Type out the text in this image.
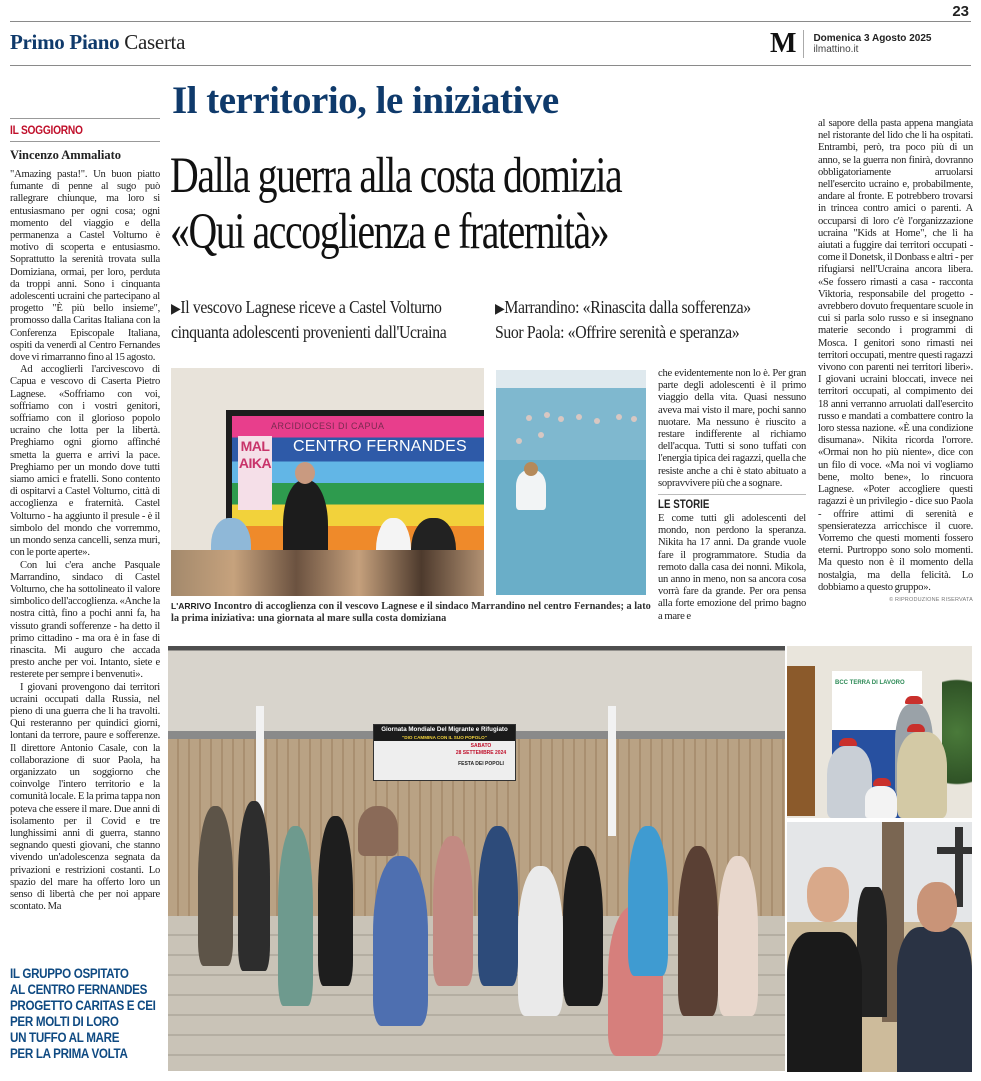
23
Primo Piano Caserta	M	Domenica 3 Agosto 2025
ilmattino.it
Il territorio, le iniziative
IL SOGGIORNO
Vincenzo Ammaliato

"Amazing pasta!". Un buon piatto fumante di penne al sugo può rallegrare chiunque, ma loro si entusiasmano per ogni cosa; ogni momento del viaggio e della permanenza a Castel Volturno è motivo di scoperta e entusiasmo. Soprattutto la serenità trovata sulla Domiziana, ormai, per loro, perduta da troppi anni. Sono i cinquanta adolescenti ucraini che partecipano al progetto "È più bello insieme", promosso dalla Caritas Italiana con la Conferenza Episcopale Italiana, ospiti da venerdì al Centro Fernandes dove vi rimarranno fino al 15 agosto.

Ad accoglierli l'arcivescovo di Capua e vescovo di Caserta Pietro Lagnese. «Soffriamo con voi, soffriamo con i vostri genitori, soffriamo con il glorioso popolo ucraino che lotta per la libertà. Preghiamo ogni giorno affinché smetta la guerra e arrivi la pace. Preghiamo per un mondo dove tutti siamo amici e fratelli. Sono contento di ospitarvi a Castel Volturno, città di accoglienza e fraternità. Castel Volturno - ha aggiunto il presule - è il simbolo del mondo che vorremmo, un mondo senza cancelli, senza muri, con le porte aperte».

Con lui c'era anche Pasquale Marrandino, sindaco di Castel Volturno, che ha sottolineato il valore simbolico dell'accoglienza. «Anche la nostra città, fino a pochi anni fa, ha vissuto grandi sofferenze - ha detto il primo cittadino - ma ora è in fase di rinascita. Mi auguro che accada presto anche per voi. Intanto, siete e resterete per sempre i benvenuti».

I giovani provengono dai territori ucraini occupati dalla Russia, nel pieno di una guerra che li ha travolti. Qui resteranno per quindici giorni, lontani da terrore, paure e sofferenze. Il direttore Antonio Casale, con la collaborazione di suor Paola, ha organizzato un soggiorno che coinvolge l'intero territorio e la comunità locale. E la prima tappa non poteva che essere il mare. Due anni di isolamento per il Covid e tre lunghissimi anni di guerra, stanno segnando questi giovani, che stanno vivendo un'adolescenza segnata da privazioni e restrizioni costanti. Lo spazio del mare ha offerto loro un senso di libertà che per noi appare scontato. Ma

IL GRUPPO OSPITATO
AL CENTRO FERNANDES
PROGETTO CARITAS E CEI
PER MOLTI DI LORO
UN TUFFO AL MARE
PER LA PRIMA VOLTA
Dalla guerra alla costa domizia
«Qui accoglienza e fraternità»
▶Il vescovo Lagnese riceve a Castel Volturno
cinquanta adolescenti provenienti dall'Ucraina
▶Marrandino: «Rinascita dalla sofferenza»
Suor Paola: «Offrire serenità e speranza»
MALAIKA
ARCIDIOCESI DI CAPUA
CENTRO FERNANDES
L'ARRIVO Incontro di accoglienza con il vescovo Lagnese e il sindaco Marrandino nel centro Fernandes; a lato la prima iniziativa: una giornata al mare sulla costa domiziana

che evidentemente non lo è. Per gran parte degli adolescenti è il primo viaggio della vita. Quasi nessuno aveva mai visto il mare, pochi sanno nuotare. Ma nessuno è riuscito a restare indifferente al richiamo dell'acqua. Tutti si sono tuffati con l'energia tipica dei ragazzi, quella che resiste anche a chi è stato abituato a sopravvivere più che a sognare.

LE STORIE

E come tutti gli adolescenti del mondo, non perdono la speranza. Nikita ha 17 anni. Da grande vuole fare il programmatore. Studia da remoto dalla casa dei nonni. Mikola, un anno in meno, non sa ancora cosa vorrà fare da grande. Per ora pensa alla forte emozione del primo bagno a mare e

al sapore della pasta appena mangiata nel ristorante del lido che li ha ospitati. Entrambi, però, tra poco più di un anno, se la guerra non finirà, dovranno obbligatoriamente arruolarsi nell'esercito ucraino e, probabilmente, andare al fronte. E potrebbero trovarsi in trincea contro amici o parenti. A occuparsi di loro c'è l'organizzazione ucraina "Kids at Home", che li ha aiutati a fuggire dai territori occupati - come il Donetsk, il Donbass e altri - per rifugiarsi nell'Ucraina ancora libera. «Se fossero rimasti a casa - racconta Viktoria, responsabile del progetto - avrebbero dovuto frequentare scuole in cui si parla solo russo e si insegnano materie secondo i programmi di Mosca. I genitori sono rimasti nei territori occupati, mentre questi ragazzi vivono con parenti nei territori liberi». I giovani ucraini bloccati, invece nei territori occupati, al compimento dei 18 anni verranno arruolati dall'esercito russo e mandati a combattere contro la loro stessa nazione. «È una condizione disumana». Nikita ricorda l'orrore. «Ormai non ho più niente», dice con un filo di voce. «Ma noi vi vogliamo bene, molto bene», lo rincuora Lagnese. «Poter accogliere questi ragazzi è un privilegio - dice suo Paola - offrire attimi di serenità e spensieratezza arricchisce il cuore. Vorremo che questi momenti fossero eterni. Purtroppo sono solo momenti. Ma questo non è il momento della nostalgia, ma della felicità. Lo dobbiamo a questo gruppo».

© RIPRODUZIONE RISERVATA
Giornata Mondiale Del Migrante e Rifugiato
"DIO CAMMINA CON IL SUO POPOLO"
SABATO
28 SETTEMBRE 2024
FESTA DEI POPOLI
BCC TERRA DI LAVORO
BCC
